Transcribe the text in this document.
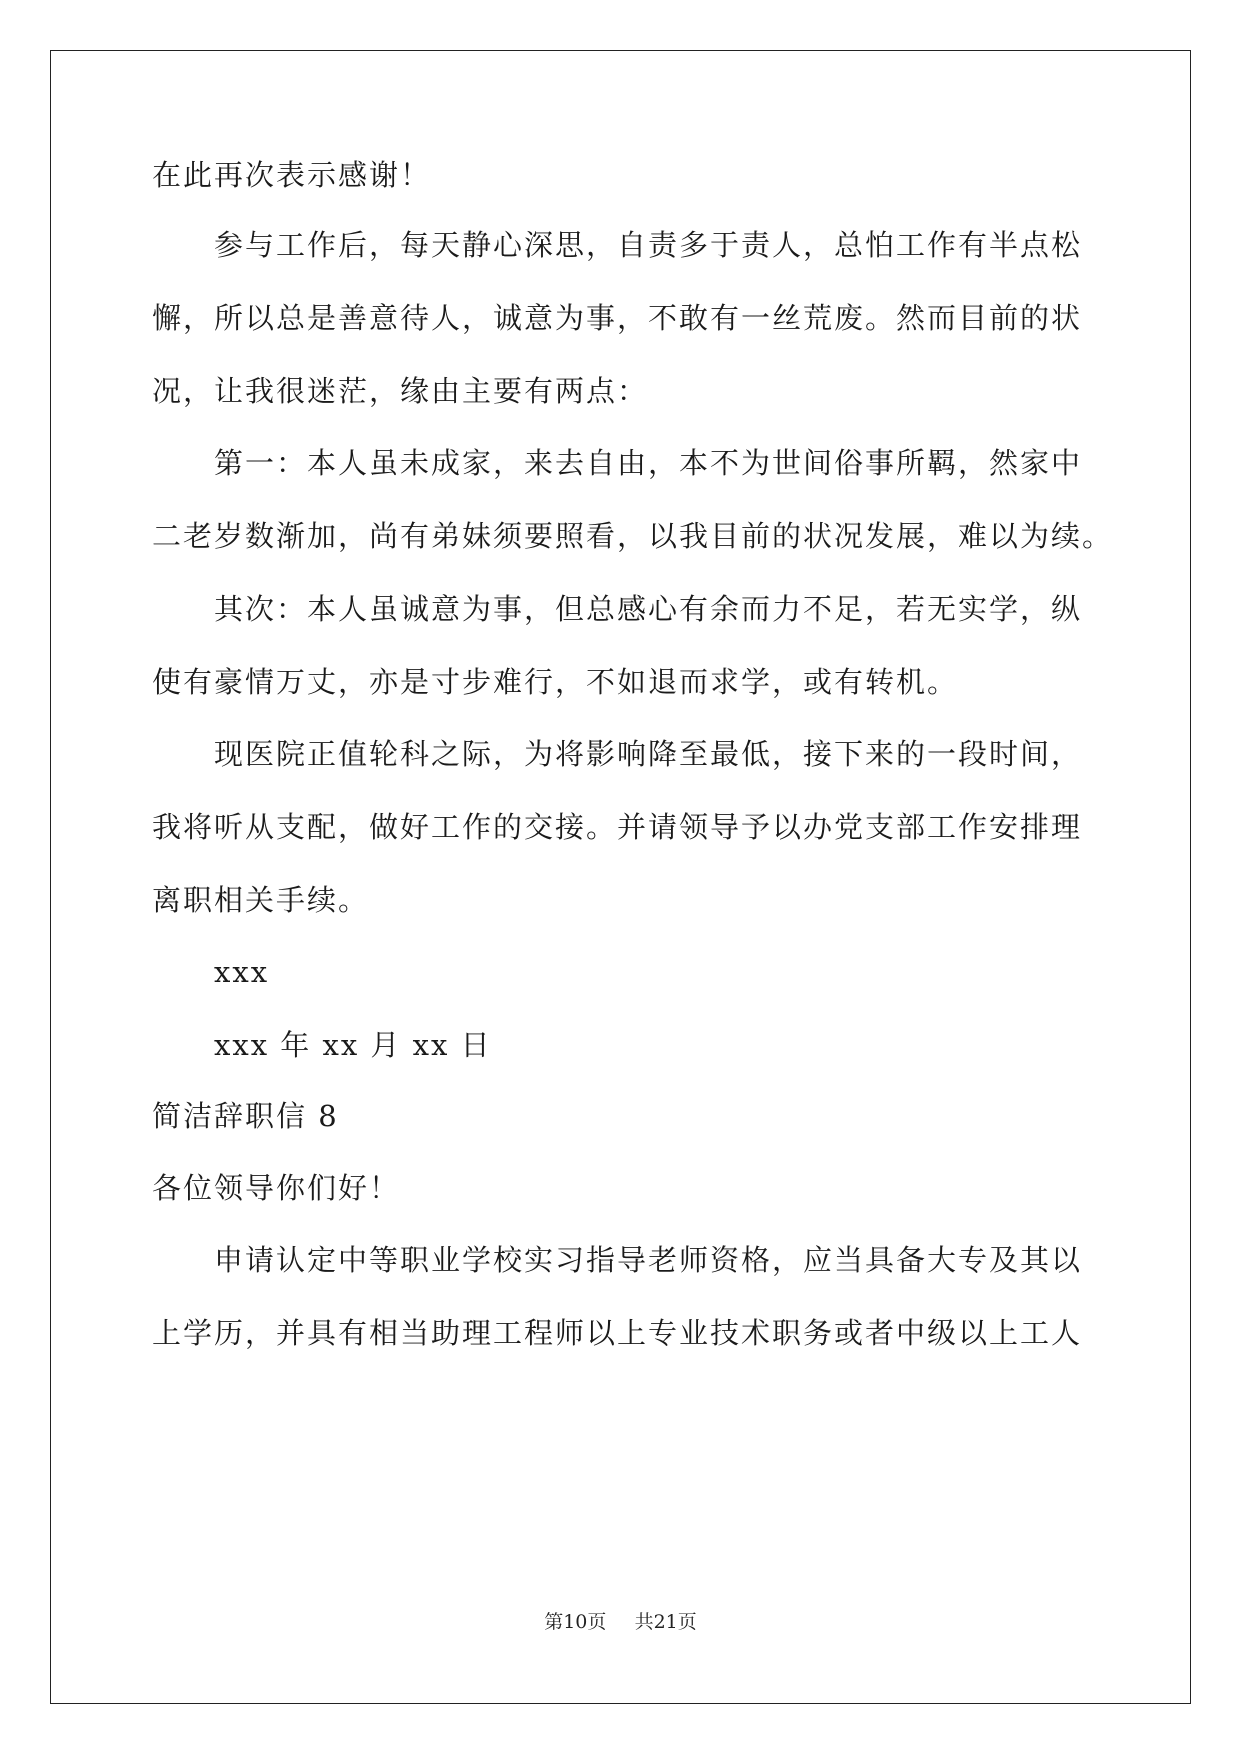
在此再次表示感谢！
参与工作后，每天静心深思，自责多于责人，总怕工作有半点松
懈，所以总是善意待人，诚意为事，不敢有一丝荒废。然而目前的状
况，让我很迷茫，缘由主要有两点：
第一：本人虽未成家，来去自由，本不为世间俗事所羁，然家中
二老岁数渐加，尚有弟妹须要照看，以我目前的状况发展，难以为续。
其次：本人虽诚意为事，但总感心有余而力不足，若无实学，纵
使有豪情万丈，亦是寸步难行，不如退而求学，或有转机。
现医院正值轮科之际，为将影响降至最低，接下来的一段时间，
我将听从支配，做好工作的交接。并请领导予以办党支部工作安排理
离职相关手续。
xxx
xxx 年 xx 月 xx 日
简洁辞职信 8
各位领导你们好！
申请认定中等职业学校实习指导老师资格，应当具备大专及其以
上学历，并具有相当助理工程师以上专业技术职务或者中级以上工人
第10页 共21页
